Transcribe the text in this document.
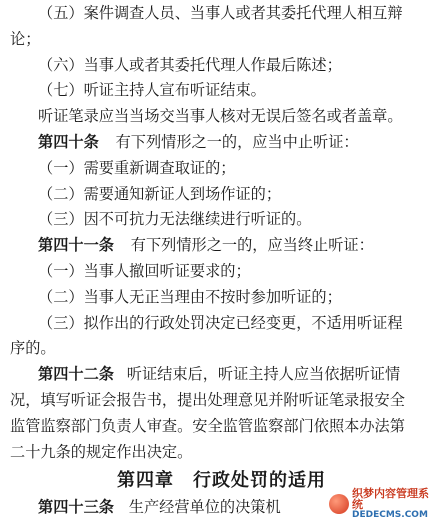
（五）案件调查人员、当事人或者其委托代理人相互辩
论；
（六）当事人或者其委托代理人作最后陈述；
（七）听证主持人宣布听证结束。
听证笔录应当当场交当事人核对无误后签名或者盖章。
第四十条 有下列情形之一的，应当中止听证：
（一）需要重新调查取证的；
（二）需要通知新证人到场作证的；
（三）因不可抗力无法继续进行听证的。
第四十一条 有下列情形之一的，应当终止听证：
（一）当事人撤回听证要求的；
（二）当事人无正当理由不按时参加听证的；
（三）拟作出的行政处罚决定已经变更，不适用听证程
序的。
第四十二条 听证结束后，听证主持人应当依据听证情
况，填写听证会报告书，提出处理意见并附听证笔录报安全
监管监察部门负责人审查。安全监管监察部门依照本办法第
第四章　行政处罚的适用
第四十三条 生产经营单位的决策机
织梦内容管理系统
DEDECMS.COM
二十九条的规定作出决定。
